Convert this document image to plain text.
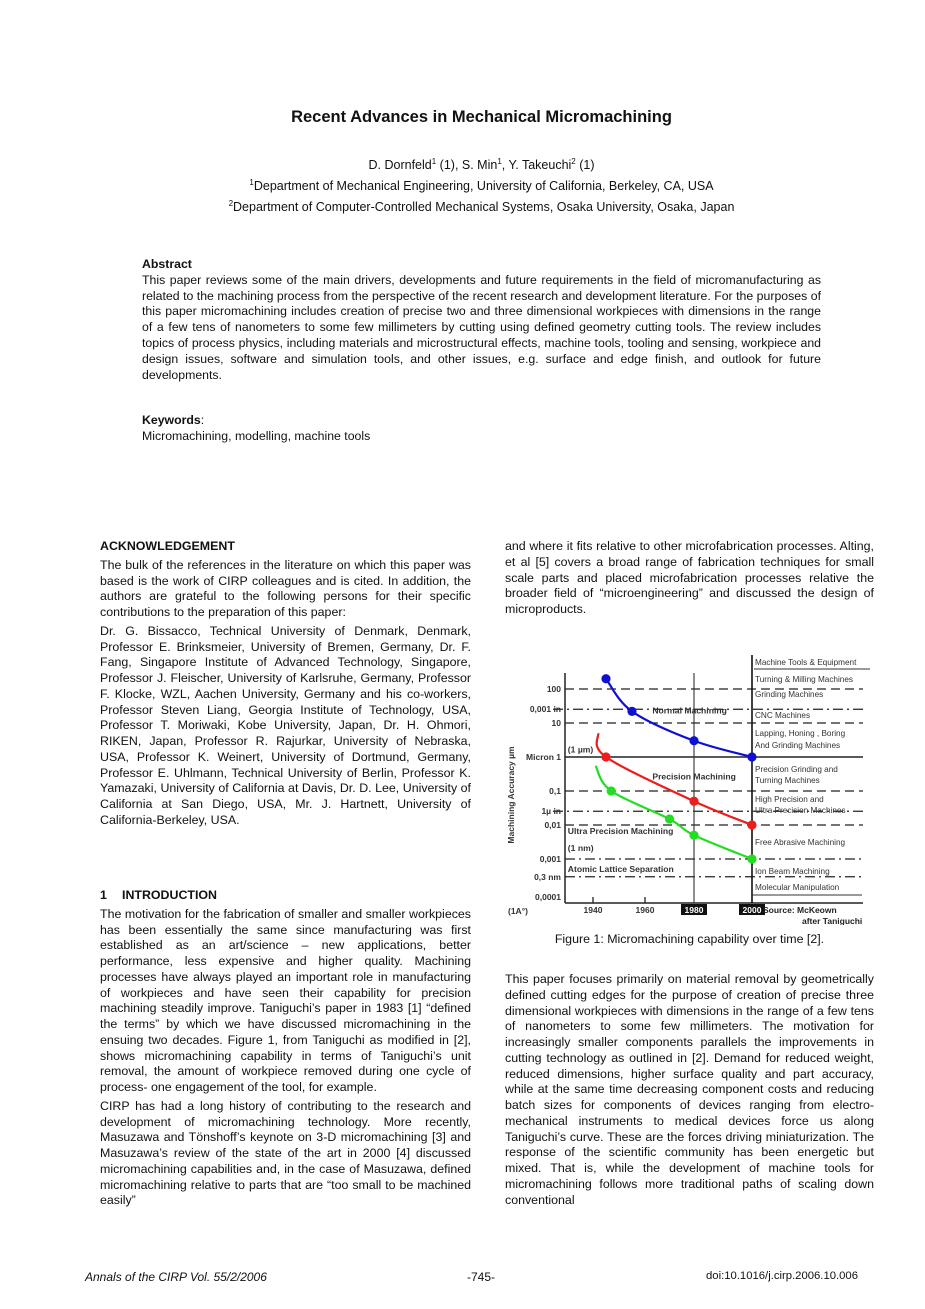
Recent Advances in Mechanical Micromachining
D. Dornfeld$^1$ (1), S. Min$^1$, Y. Takeuchi$^2$ (1)
$^1$Department of Mechanical Engineering, University of California, Berkeley, CA, USA
$^2$Department of Computer-Controlled Mechanical Systems, Osaka University, Osaka, Japan
Abstract

This paper reviews some of the main drivers, developments and future requirements in the field of micromanufacturing as related to the machining process from the perspective of the recent research and development literature. For the purposes of this paper micromachining includes creation of precise two and three dimensional workpieces with dimensions in the range of a few tens of nanometers to some few millimeters by cutting using defined geometry cutting tools. The review includes topics of process physics, including materials and microstructural effects, machine tools, tooling and sensing, workpiece and design issues, software and simulation tools, and other issues, e.g. surface and edge finish, and outlook for future developments.

Keywords:

Micromachining, modelling, machine tools

ACKNOWLEDGEMENT

The bulk of the references in the literature on which this paper was based is the work of CIRP colleagues and is cited. In addition, the authors are grateful to the following persons for their specific contributions to the preparation of this paper:

Dr. G. Bissacco, Technical University of Denmark, Denmark, Professor E. Brinksmeier, University of Bremen, Germany, Dr. F. Fang, Singapore Institute of Advanced Technology, Singapore, Professor J. Fleischer, University of Karlsruhe, Germany, Professor F. Klocke, WZL, Aachen University, Germany and his co-workers, Professor Steven Liang, Georgia Institute of Technology, USA, Professor T. Moriwaki, Kobe University, Japan, Dr. H. Ohmori, RIKEN, Japan, Professor R. Rajurkar, University of Nebraska, USA, Professor K. Weinert, University of Dortmund, Germany, Professor E. Uhlmann, Technical University of Berlin, Professor K. Yamazaki, University of California at Davis, Dr. D. Lee, University of California at San Diego, USA, Mr. J. Hartnett, University of California-Berkeley, USA.

1 INTRODUCTION

The motivation for the fabrication of smaller and smaller workpieces has been essentially the same since manufacturing was first established as an art/science – new applications, better performance, less expensive and higher quality. Machining processes have always played an important role in manufacturing of workpieces and have seen their capability for precision machining steadily improve. Taniguchi’s paper in 1983 [1] “defined the terms” by which we have discussed micromachining in the ensuing two decades. Figure 1, from Taniguchi as modified in [2], shows micromachining capability in terms of Taniguchi’s unit removal, the amount of workpiece removed during one cycle of process- one engagement of the tool, for example.

CIRP has had a long history of contributing to the research and development of micromachining technology. More recently, Masuzawa and Tönshoff’s keynote on 3-D micromachining [3] and Masuzawa’s review of the state of the art in 2000 [4] discussed micromachining capabilities and, in the case of Masuzawa, defined micromachining relative to parts that are “too small to be machined easily”

and where it fits relative to other microfabrication processes. Alting, et al [5] covers a broad range of fabrication techniques for small scale parts and placed microfabrication processes relative the broader field of “microengineering” and discussed the design of microproducts.

100
0,001 in
10
Micron 1
0,1
1µ in
0,01
0,001
0,3 nm
0,0001
1940	1960	1980	2000
Normal Machining
(1 µm)
Precision Machining
Ultra Precision Machining
(1 nm)
Atomic Lattice Separation
Machine Tools & Equipment
Turning & Milling Machines
Grinding Machines
CNC Machines
Lapping, Honing , Boring
And Grinding Machines
Precision Grinding and
Turning Machines
High Precision and
Ultra Precision Machines
Free Abrasive Machining
Ion Beam Machining
Molecular Manipulation
Machining Accuracy µm
(1A°)	Source: McKeown
after Taniguchi
Figure 1: Micromachining capability over time [2].

This paper focuses primarily on material removal by geometrically defined cutting edges for the purpose of creation of precise three dimensional workpieces with dimensions in the range of a few tens of nanometers to some few millimeters. The motivation for increasingly smaller components parallels the improvements in cutting technology as outlined in [2]. Demand for reduced weight, reduced dimensions, higher surface quality and part accuracy, while at the same time decreasing component costs and reducing batch sizes for components of devices ranging from electro-mechanical instruments to medical devices force us along Taniguchi’s curve. These are the forces driving miniaturization. The response of the scientific community has been energetic but mixed. That is, while the development of machine tools for micromachining follows more traditional paths of scaling down conventional

Annals of the CIRP Vol. 55/2/2006	-745-	doi:10.1016/j.cirp.2006.10.006
